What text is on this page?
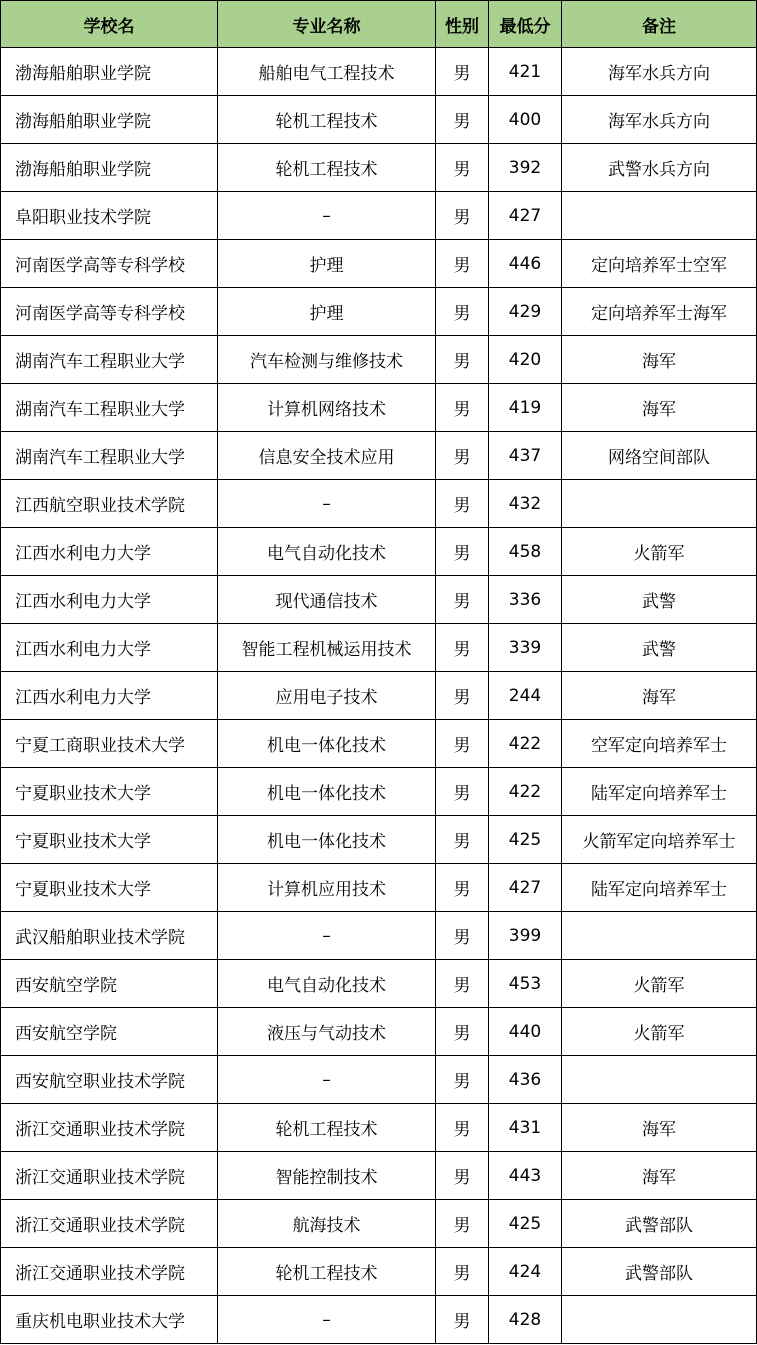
学校名	专业名称	性别	最低分	备注
渤海船舶职业学院	船舶电气工程技术	男	421	海军水兵方向
渤海船舶职业学院	轮机工程技术	男	400	海军水兵方向
渤海船舶职业学院	轮机工程技术	男	392	武警水兵方向
阜阳职业技术学院	–	男	427	
河南医学高等专科学校	护理	男	446	定向培养军士空军
河南医学高等专科学校	护理	男	429	定向培养军士海军
湖南汽车工程职业大学	汽车检测与维修技术	男	420	海军
湖南汽车工程职业大学	计算机网络技术	男	419	海军
湖南汽车工程职业大学	信息安全技术应用	男	437	网络空间部队
江西航空职业技术学院	–	男	432	
江西水利电力大学	电气自动化技术	男	458	火箭军
江西水利电力大学	现代通信技术	男	336	武警
江西水利电力大学	智能工程机械运用技术	男	339	武警
江西水利电力大学	应用电子技术	男	244	海军
宁夏工商职业技术大学	机电一体化技术	男	422	空军定向培养军士
宁夏职业技术大学	机电一体化技术	男	422	陆军定向培养军士
宁夏职业技术大学	机电一体化技术	男	425	火箭军定向培养军士
宁夏职业技术大学	计算机应用技术	男	427	陆军定向培养军士
武汉船舶职业技术学院	–	男	399	
西安航空学院	电气自动化技术	男	453	火箭军
西安航空学院	液压与气动技术	男	440	火箭军
西安航空职业技术学院	–	男	436	
浙江交通职业技术学院	轮机工程技术	男	431	海军
浙江交通职业技术学院	智能控制技术	男	443	海军
浙江交通职业技术学院	航海技术	男	425	武警部队
浙江交通职业技术学院	轮机工程技术	男	424	武警部队
重庆机电职业技术大学	–	男	428	
